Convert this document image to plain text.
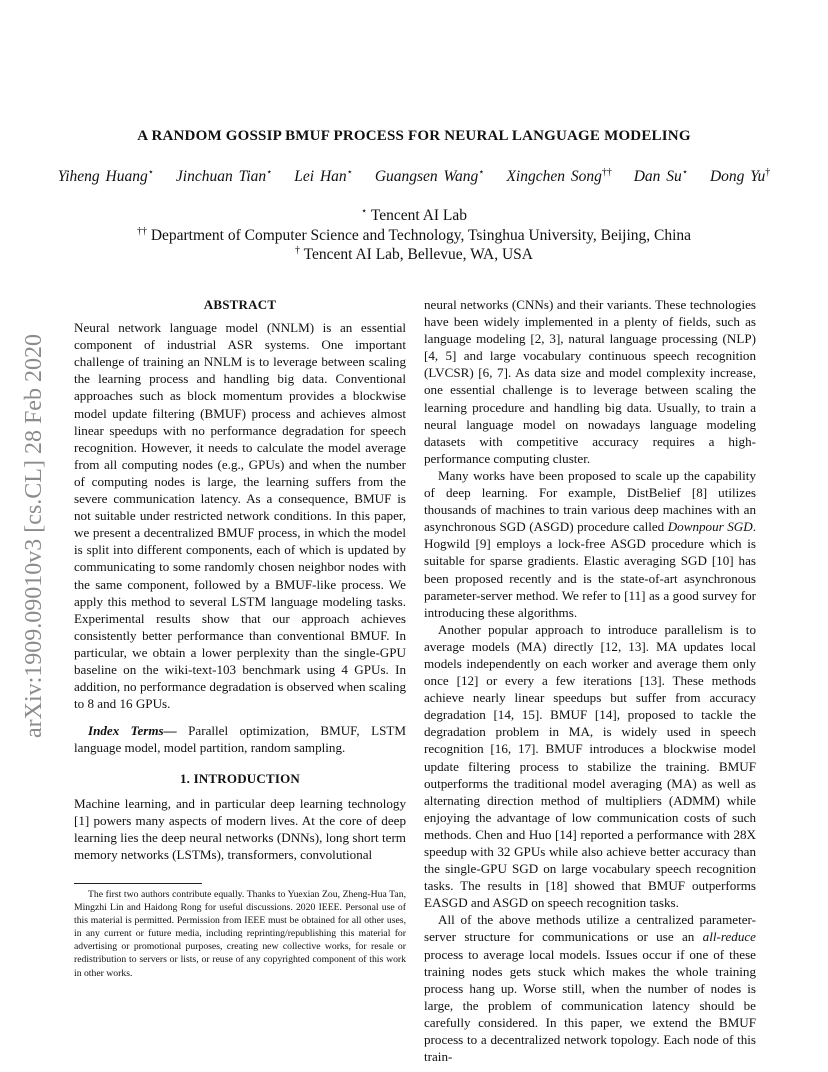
arXiv:1909.09010v3 [cs.CL] 28 Feb 2020
A RANDOM GOSSIP BMUF PROCESS FOR NEURAL LANGUAGE MODELING
Yiheng Huang⋆ Jinchuan Tian⋆ Lei Han⋆ Guangsen Wang⋆ Xingchen Song†† Dan Su⋆ Dong Yu†
⋆ Tencent AI Lab
†† Department of Computer Science and Technology, Tsinghua University, Beijing, China
† Tencent AI Lab, Bellevue, WA, USA
ABSTRACT

Neural network language model (NNLM) is an essential component of industrial ASR systems. One important challenge of training an NNLM is to leverage between scaling the learning process and handling big data. Conventional approaches such as block momentum provides a blockwise model update filtering (BMUF) process and achieves almost linear speedups with no performance degradation for speech recognition. However, it needs to calculate the model average from all computing nodes (e.g., GPUs) and when the number of computing nodes is large, the learning suffers from the severe communication latency. As a consequence, BMUF is not suitable under restricted network conditions. In this paper, we present a decentralized BMUF process, in which the model is split into different components, each of which is updated by communicating to some randomly chosen neighbor nodes with the same component, followed by a BMUF-like process. We apply this method to several LSTM language modeling tasks. Experimental results show that our approach achieves consistently better performance than conventional BMUF. In particular, we obtain a lower perplexity than the single-GPU baseline on the wiki-text-103 benchmark using 4 GPUs. In addition, no performance degradation is observed when scaling to 8 and 16 GPUs.

Index Terms— Parallel optimization, BMUF, LSTM language model, model partition, random sampling.

1. INTRODUCTION

Machine learning, and in particular deep learning technology [1] powers many aspects of modern lives. At the core of deep learning lies the deep neural networks (DNNs), long short term memory networks (LSTMs), transformers, convolutional

The first two authors contribute equally. Thanks to Yuexian Zou, Zheng-Hua Tan, Mingzhi Lin and Haidong Rong for useful discussions. 2020 IEEE. Personal use of this material is permitted. Permission from IEEE must be obtained for all other uses, in any current or future media, including reprinting/republishing this material for advertising or promotional purposes, creating new collective works, for resale or redistribution to servers or lists, or reuse of any copyrighted component of this work in other works.

neural networks (CNNs) and their variants. These technologies have been widely implemented in a plenty of fields, such as language modeling [2, 3], natural language processing (NLP) [4, 5] and large vocabulary continuous speech recognition (LVCSR) [6, 7]. As data size and model complexity increase, one essential challenge is to leverage between scaling the learning procedure and handling big data. Usually, to train a neural language model on nowadays language modeling datasets with competitive accuracy requires a high-performance computing cluster.

Many works have been proposed to scale up the capability of deep learning. For example, DistBelief [8] utilizes thousands of machines to train various deep machines with an asynchronous SGD (ASGD) procedure called Downpour SGD. Hogwild [9] employs a lock-free ASGD procedure which is suitable for sparse gradients. Elastic averaging SGD [10] has been proposed recently and is the state-of-art asynchronous parameter-server method. We refer to [11] as a good survey for introducing these algorithms.

Another popular approach to introduce parallelism is to average models (MA) directly [12, 13]. MA updates local models independently on each worker and average them only once [12] or every a few iterations [13]. These methods achieve nearly linear speedups but suffer from accuracy degradation [14, 15]. BMUF [14], proposed to tackle the degradation problem in MA, is widely used in speech recognition [16, 17]. BMUF introduces a blockwise model update filtering process to stabilize the training. BMUF outperforms the traditional model averaging (MA) as well as alternating direction method of multipliers (ADMM) while enjoying the advantage of low communication costs of such methods. Chen and Huo [14] reported a performance with 28X speedup with 32 GPUs while also achieve better accuracy than the single-GPU SGD on large vocabulary speech recognition tasks. The results in [18] showed that BMUF outperforms EASGD and ASGD on speech recognition tasks.

All of the above methods utilize a centralized parameter-server structure for communications or use an all-reduce process to average local models. Issues occur if one of these training nodes gets stuck which makes the whole training process hang up. Worse still, when the number of nodes is large, the problem of communication latency should be carefully considered. In this paper, we extend the BMUF process to a decentralized network topology. Each node of this train-
